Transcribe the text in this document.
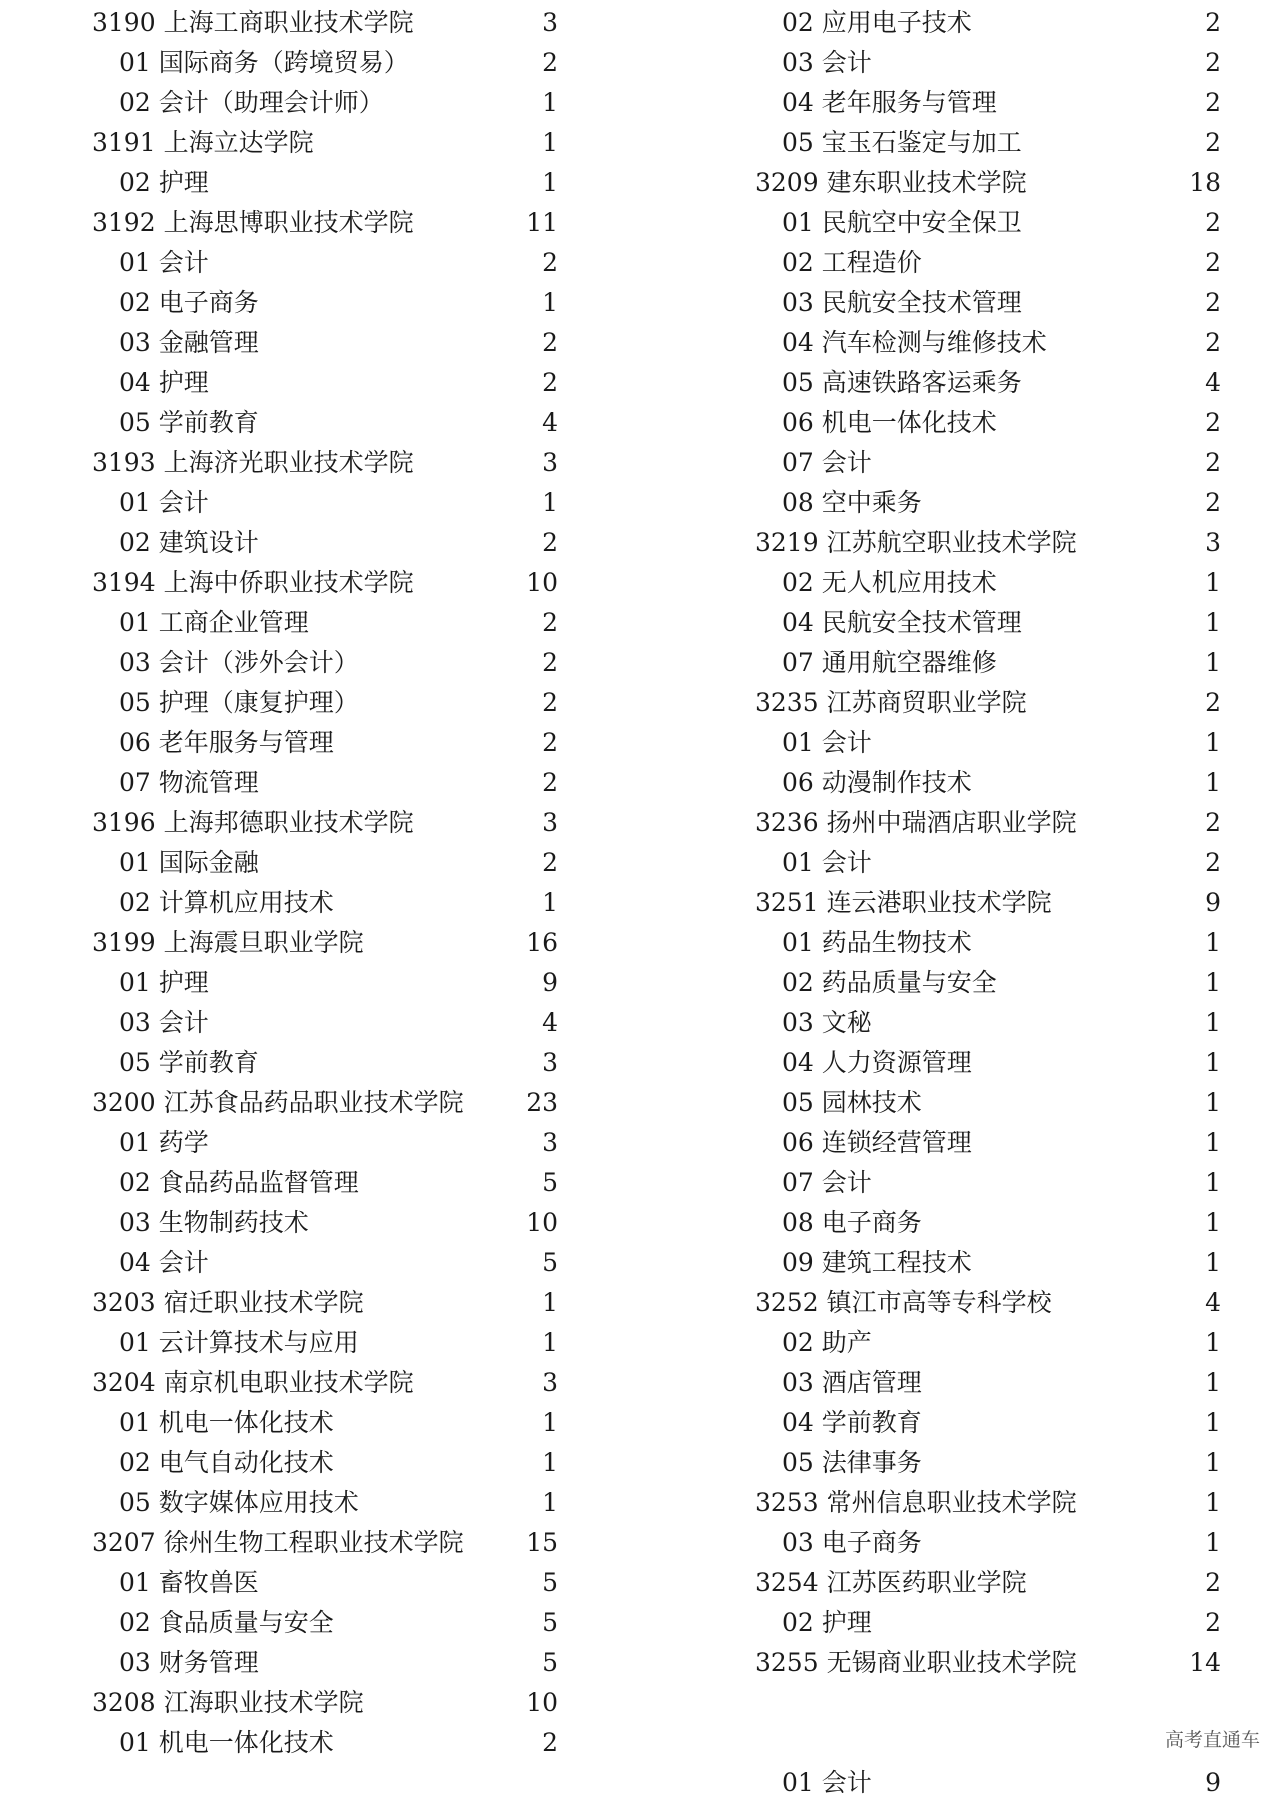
3190 上海工商职业技术学院	3
01 国际商务（跨境贸易）	2
02 会计（助理会计师）	1
3191 上海立达学院	1
02 护理	1
3192 上海思博职业技术学院	11
01 会计	2
02 电子商务	1
03 金融管理	2
04 护理	2
05 学前教育	4
3193 上海济光职业技术学院	3
01 会计	1
02 建筑设计	2
3194 上海中侨职业技术学院	10
01 工商企业管理	2
03 会计（涉外会计）	2
05 护理（康复护理）	2
06 老年服务与管理	2
07 物流管理	2
3196 上海邦德职业技术学院	3
01 国际金融	2
02 计算机应用技术	1
3199 上海震旦职业学院	16
01 护理	9
03 会计	4
05 学前教育	3
3200 江苏食品药品职业技术学院	23
01 药学	3
02 食品药品监督管理	5
03 生物制药技术	10
04 会计	5
3203 宿迁职业技术学院	1
01 云计算技术与应用	1
3204 南京机电职业技术学院	3
01 机电一体化技术	1
02 电气自动化技术	1
05 数字媒体应用技术	1
3207 徐州生物工程职业技术学院	15
01 畜牧兽医	5
02 食品质量与安全	5
03 财务管理	5
3208 江海职业技术学院	10
01 机电一体化技术	2
02 应用电子技术	2
03 会计	2
04 老年服务与管理	2
05 宝玉石鉴定与加工	2
3209 建东职业技术学院	18
01 民航空中安全保卫	2
02 工程造价	2
03 民航安全技术管理	2
04 汽车检测与维修技术	2
05 高速铁路客运乘务	4
06 机电一体化技术	2
07 会计	2
08 空中乘务	2
3219 江苏航空职业技术学院	3
02 无人机应用技术	1
04 民航安全技术管理	1
07 通用航空器维修	1
3235 江苏商贸职业学院	2
01 会计	1
06 动漫制作技术	1
3236 扬州中瑞酒店职业学院	2
01 会计	2
3251 连云港职业技术学院	9
01 药品生物技术	1
02 药品质量与安全	1
03 文秘	1
04 人力资源管理	1
05 园林技术	1
06 连锁经营管理	1
07 会计	1
08 电子商务	1
09 建筑工程技术	1
3252 镇江市高等专科学校	4
02 助产	1
03 酒店管理	1
04 学前教育	1
05 法律事务	1
3253 常州信息职业技术学院	1
03 电子商务	1
3254 江苏医药职业学院	2
02 护理	2
3255 无锡商业职业技术学院	14
01 会计	9
高考直通车
